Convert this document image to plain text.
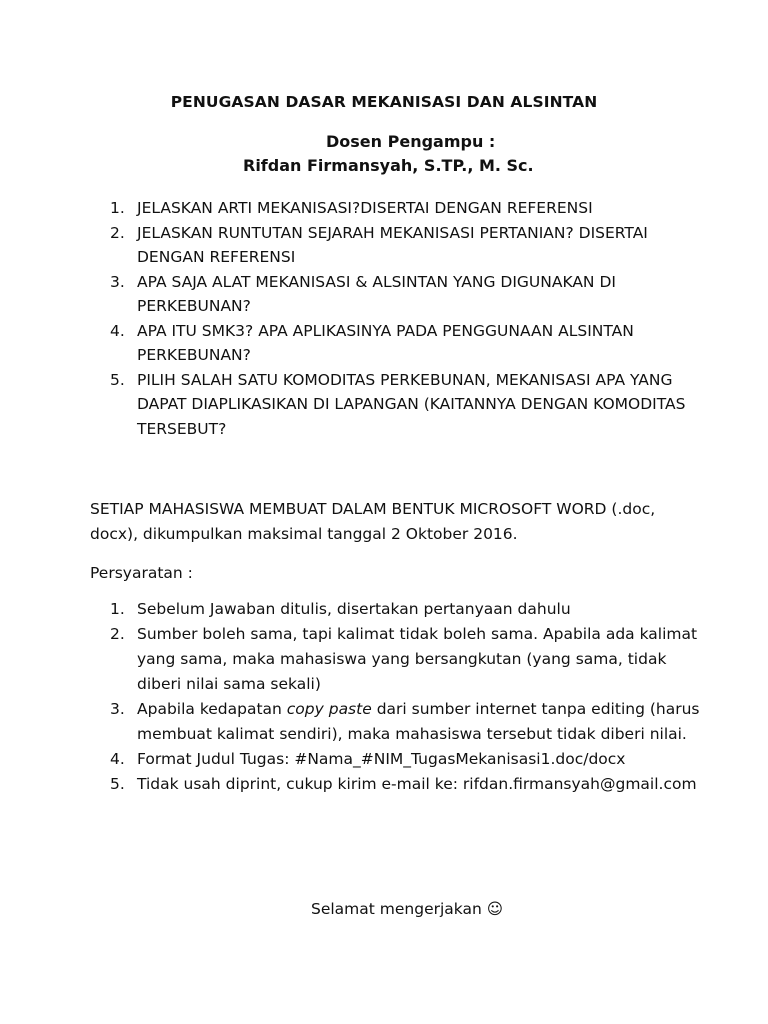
PENUGASAN DASAR MEKANISASI DAN ALSINTAN
Dosen Pengampu :
Rifdan Firmansyah, S.TP., M. Sc.
1. JELASKAN ARTI MEKANISASI?DISERTAI DENGAN REFERENSI
2. JELASKAN RUNTUTAN SEJARAH MEKANISASI PERTANIAN? DISERTAI DENGAN REFERENSI
3. APA SAJA ALAT MEKANISASI & ALSINTAN YANG DIGUNAKAN DI PERKEBUNAN?
4. APA ITU SMK3? APA APLIKASINYA PADA PENGGUNAAN ALSINTAN PERKEBUNAN?
5. PILIH SALAH SATU KOMODITAS PERKEBUNAN, MEKANISASI APA YANG DAPAT DIAPLIKASIKAN DI LAPANGAN (KAITANNYA DENGAN KOMODITAS TERSEBUT?
SETIAP MAHASISWA MEMBUAT DALAM BENTUK MICROSOFT WORD (.doc, docx), dikumpulkan maksimal tanggal 2 Oktober 2016.
Persyaratan :
1. Sebelum Jawaban ditulis, disertakan pertanyaan dahulu
2. Sumber boleh sama, tapi kalimat tidak boleh sama. Apabila ada kalimat yang sama, maka mahasiswa yang bersangkutan (yang sama, tidak diberi nilai sama sekali)
3. Apabila kedapatan copy paste dari sumber internet tanpa editing (harus membuat kalimat sendiri), maka mahasiswa tersebut tidak diberi nilai.
4. Format Judul Tugas: #Nama_#NIM_TugasMekanisasi1.doc/docx
5. Tidak usah diprint, cukup kirim e-mail ke: rifdan.firmansyah@gmail.com
Selamat mengerjakan ☺
